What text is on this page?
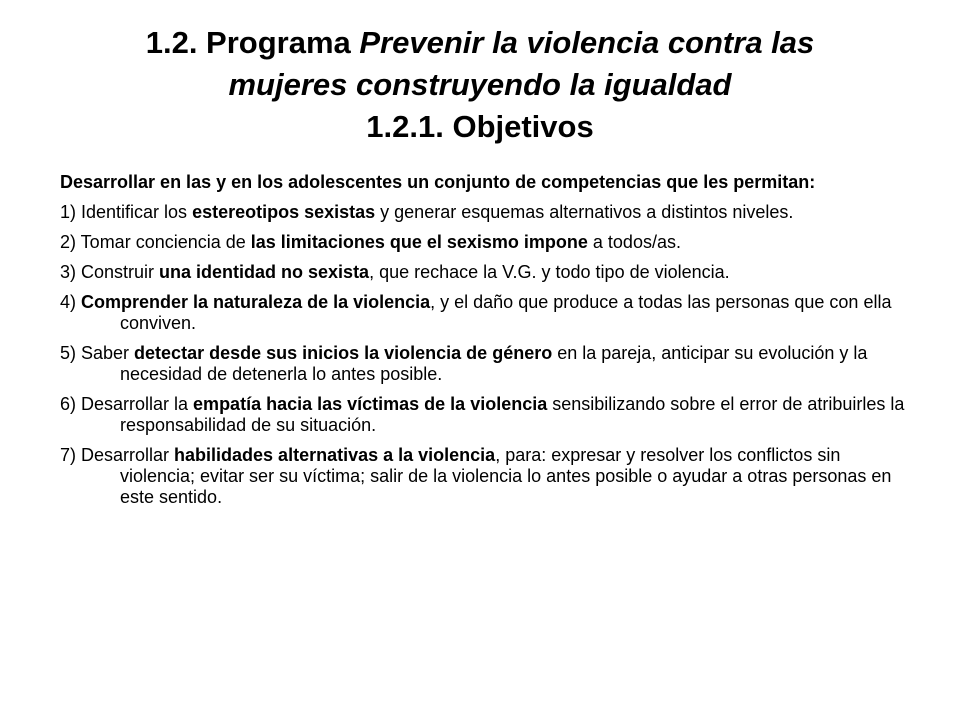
1.2. Programa Prevenir la violencia contra las
mujeres construyendo la igualdad
1.2.1. Objetivos

Desarrollar en las y en los adolescentes un conjunto de competencias que les permitan:

1) Identificar los estereotipos sexistas y generar esquemas alternativos a distintos niveles.

2) Tomar conciencia de las limitaciones que el sexismo impone a todos/as.

3) Construir una identidad no sexista, que rechace la V.G. y todo tipo de violencia.

4) Comprender la naturaleza de la violencia, y el daño que produce a todas las personas que con ella conviven.

5) Saber detectar desde sus inicios la violencia de género en la pareja, anticipar su evolución y la necesidad de detenerla lo antes posible.

6) Desarrollar la empatía hacia las víctimas de la violencia sensibilizando sobre el error de atribuirles la responsabilidad de su situación.

7) Desarrollar habilidades alternativas a la violencia, para: expresar y resolver los conflictos sin violencia; evitar ser su víctima; salir de la violencia lo antes posible o ayudar a otras personas en este sentido.
